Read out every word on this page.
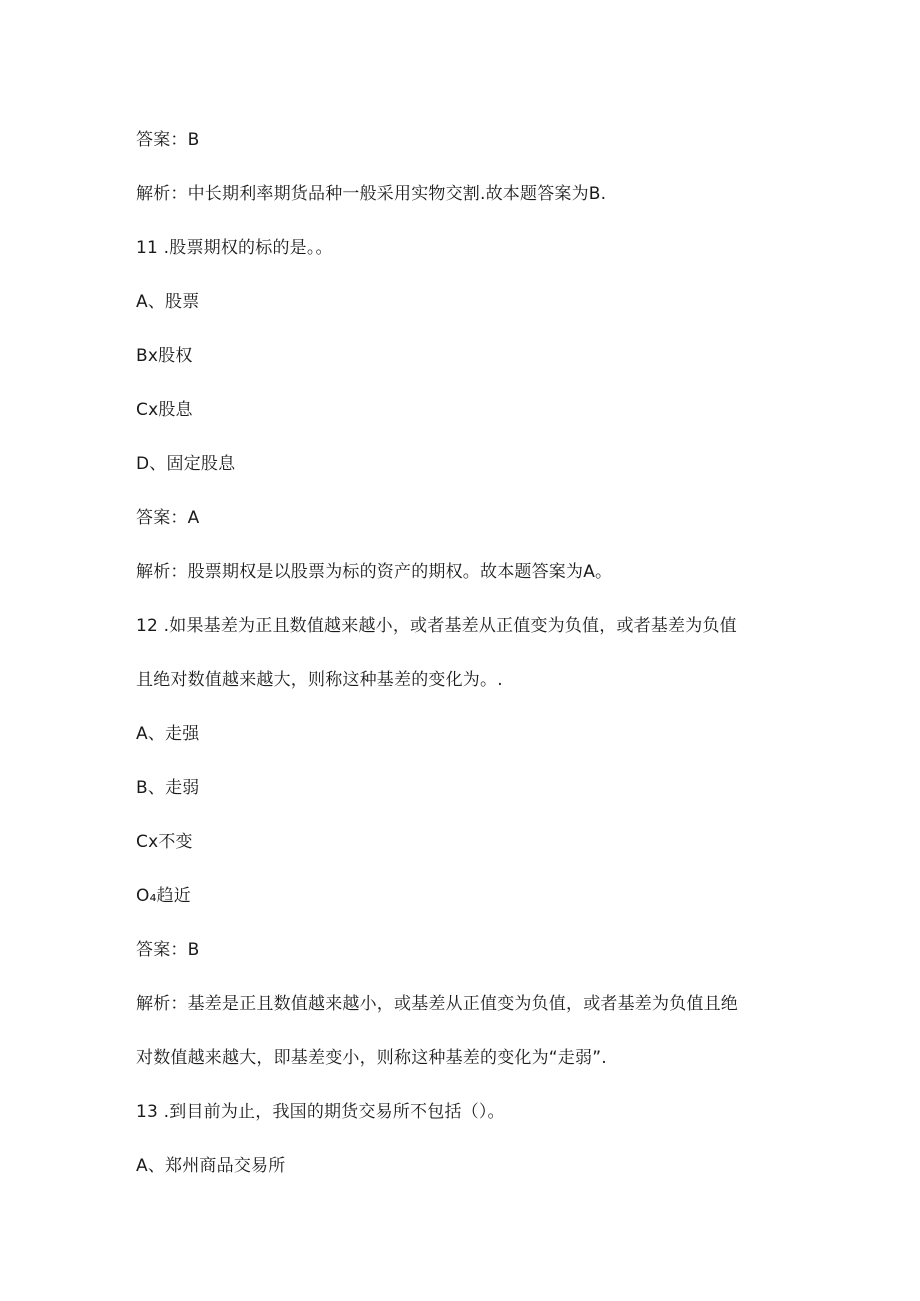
答案：B
解析：中长期利率期货品种一般采用实物交割.故本题答案为B.
11 .股票期权的标的是。。
A、股票
Bx股权
Cx股息
D、固定股息
答案：A
解析：股票期权是以股票为标的资产的期权。故本题答案为A。
12 .如果基差为正且数值越来越小，或者基差从正值变为负值，或者基差为负值
且绝对数值越来越大，则称这种基差的变化为。.
A、走强
B、走弱
Cx不变
O₄趋近
答案：B
解析：基差是正且数值越来越小，或基差从正值变为负值，或者基差为负值且绝
对数值越来越大，即基差变小，则称这种基差的变化为“走弱”.
13 .到目前为止，我国的期货交易所不包括（）。
A、郑州商品交易所
